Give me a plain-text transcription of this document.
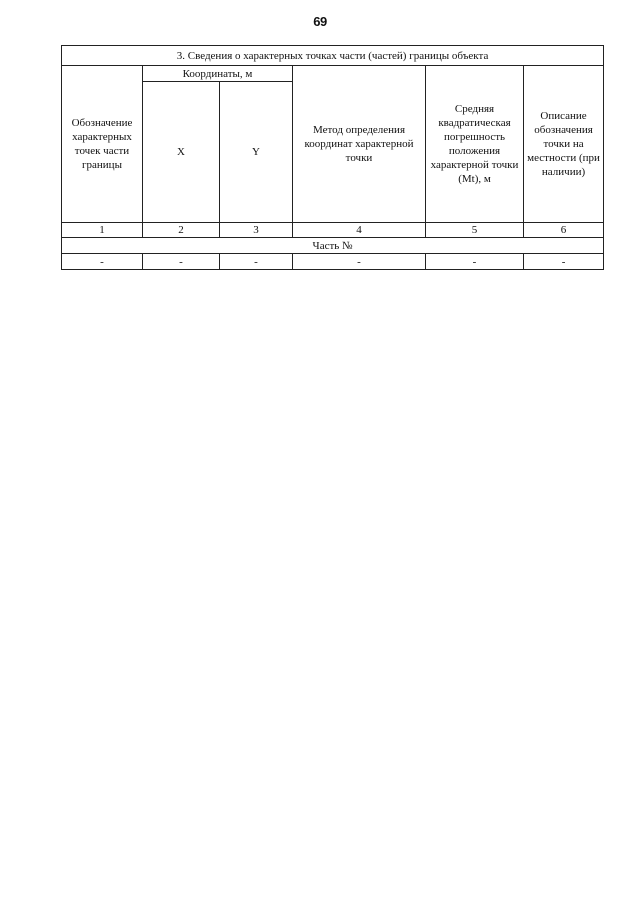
69
3. Сведения о характерных точках части (частей) границы объекта					
Обозначение характерных точек части границы	Координаты, м		Метод определения координат характерной точки	Средняя квадратическая погрешность положения характерной точки (Mt), м	Описание обозначения точки на местности (при наличии)
	X	Y			
1	2	3	4	5	6
Часть №					
-	-	-	-	-	-
